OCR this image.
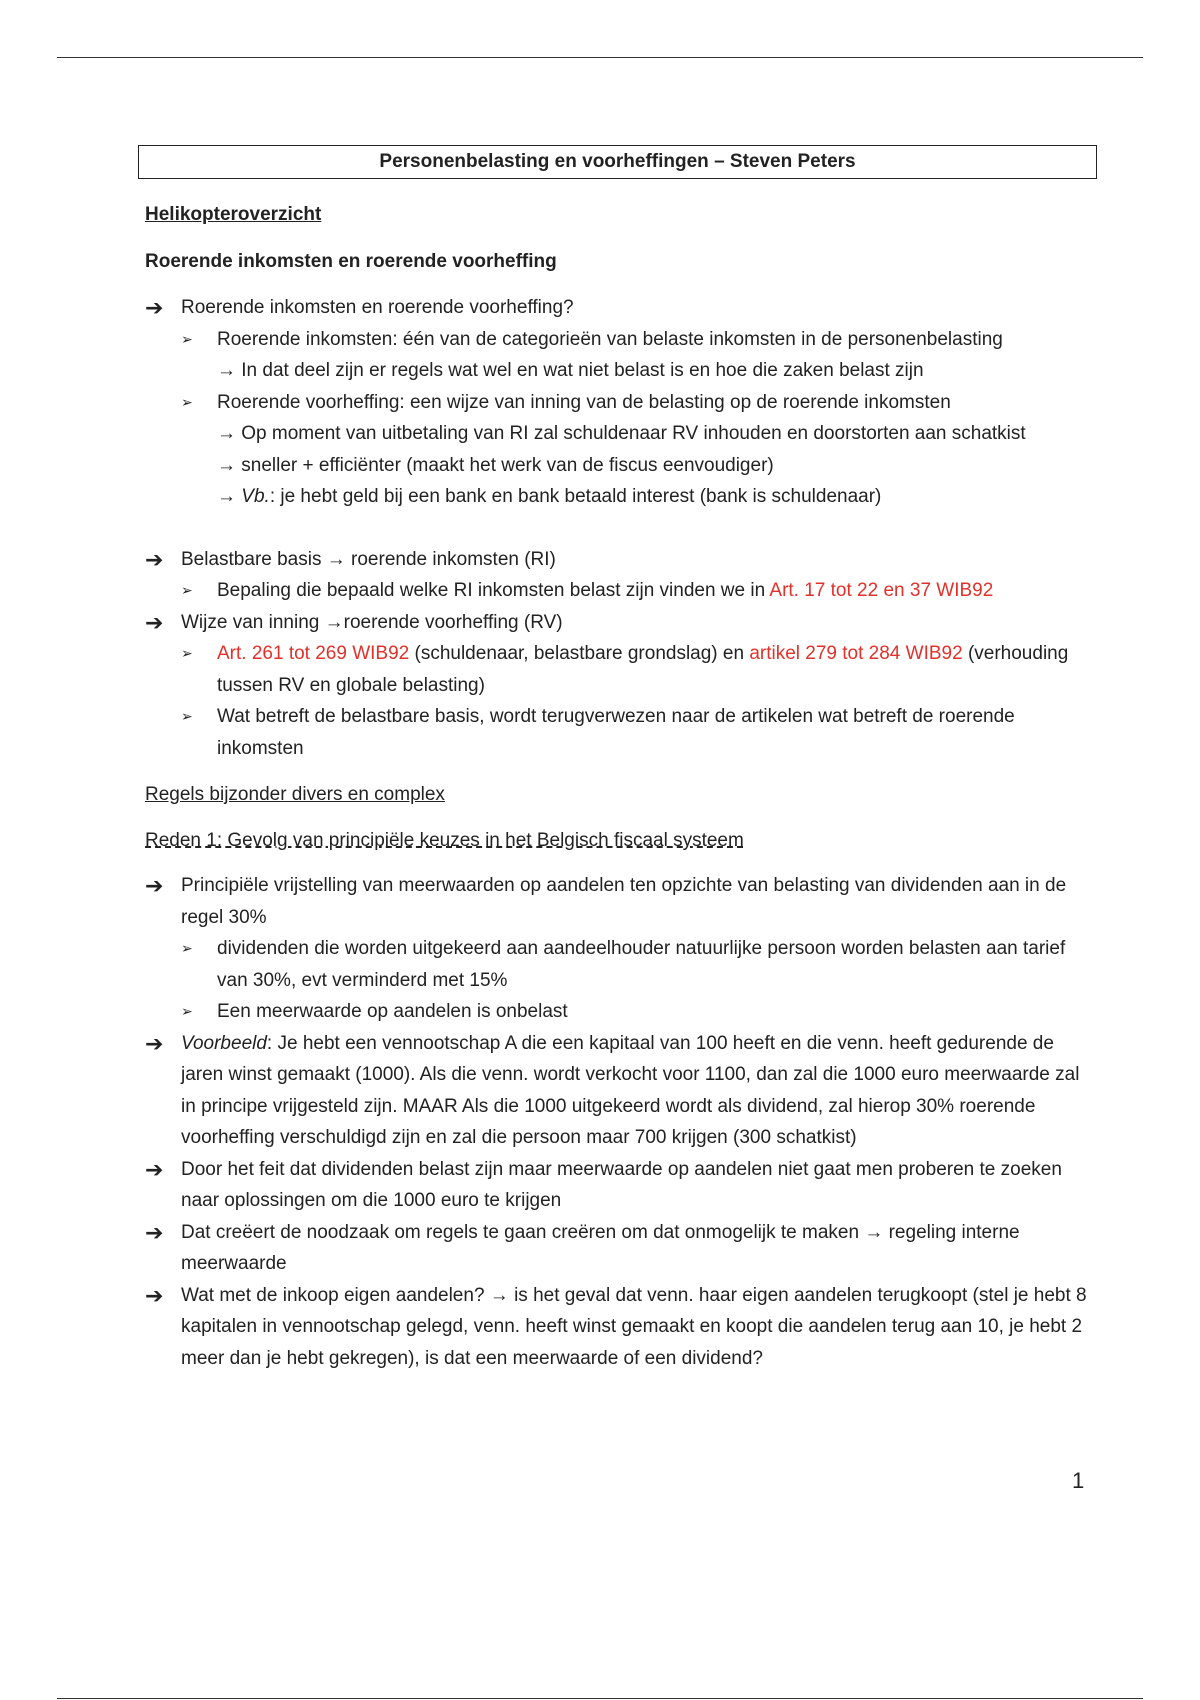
Personenbelasting en voorheffingen – Steven Peters

Helikopteroverzicht

Roerende inkomsten en roerende voorheffing

➔ Roerende inkomsten en roerende voorheffing?
➢ Roerende inkomsten: één van de categorieën van belaste inkomsten in de personenbelasting
→ In dat deel zijn er regels wat wel en wat niet belast is en hoe die zaken belast zijn
➢ Roerende voorheffing: een wijze van inning van de belasting op de roerende inkomsten
→ Op moment van uitbetaling van RI zal schuldenaar RV inhouden en doorstorten aan schatkist
→ sneller + efficiënter (maakt het werk van de fiscus eenvoudiger)
→ Vb.: je hebt geld bij een bank en bank betaald interest (bank is schuldenaar)
➔ Belastbare basis → roerende inkomsten (RI)
➢ Bepaling die bepaald welke RI inkomsten belast zijn vinden we in Art. 17 tot 22 en 37 WIB92
➔ Wijze van inning →roerende voorheffing (RV)
➢ Art. 261 tot 269 WIB92 (schuldenaar, belastbare grondslag) en artikel 279 tot 284 WIB92 (verhouding tussen RV en globale belasting)
➢ Wat betreft de belastbare basis, wordt terugverwezen naar de artikelen wat betreft de roerende inkomsten

Regels bijzonder divers en complex

Reden 1: Gevolg van principiële keuzes in het Belgisch fiscaal systeem

➔ Principiële vrijstelling van meerwaarden op aandelen ten opzichte van belasting van dividenden aan in de regel 30%
➢ dividenden die worden uitgekeerd aan aandeelhouder natuurlijke persoon worden belasten aan tarief van 30%, evt verminderd met 15%
➢ Een meerwaarde op aandelen is onbelast
➔ Voorbeeld: Je hebt een vennootschap A die een kapitaal van 100 heeft en die venn. heeft gedurende de jaren winst gemaakt (1000). Als die venn. wordt verkocht voor 1100, dan zal die 1000 euro meerwaarde zal in principe vrijgesteld zijn. MAAR Als die 1000 uitgekeerd wordt als dividend, zal hierop 30% roerende voorheffing verschuldigd zijn en zal die persoon maar 700 krijgen (300 schatkist)
➔ Door het feit dat dividenden belast zijn maar meerwaarde op aandelen niet gaat men proberen te zoeken naar oplossingen om die 1000 euro te krijgen
➔ Dat creëert de noodzaak om regels te gaan creëren om dat onmogelijk te maken → regeling interne meerwaarde
➔ Wat met de inkoop eigen aandelen? → is het geval dat venn. haar eigen aandelen terugkoopt (stel je hebt 8 kapitalen in vennootschap gelegd, venn. heeft winst gemaakt en koopt die aandelen terug aan 10, je hebt 2 meer dan je hebt gekregen), is dat een meerwaarde of een dividend?
1
